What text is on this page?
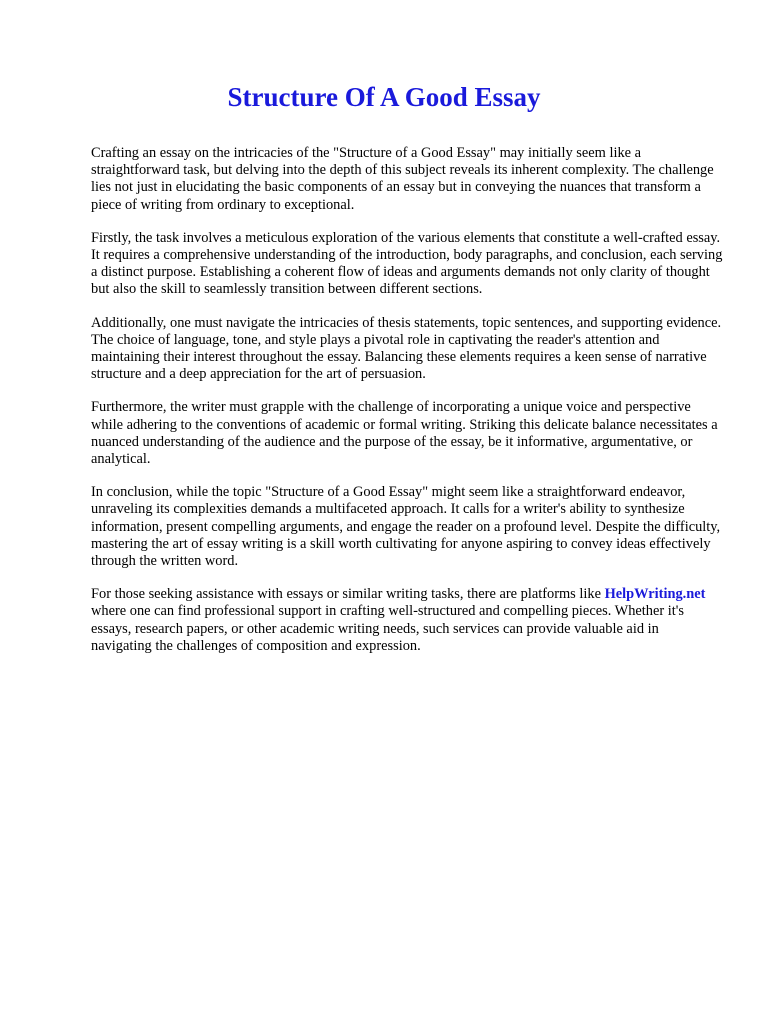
Structure Of A Good Essay

Crafting an essay on the intricacies of the "Structure of a Good Essay" may initially seem like a straightforward task, but delving into the depth of this subject reveals its inherent complexity. The challenge lies not just in elucidating the basic components of an essay but in conveying the nuances that transform a piece of writing from ordinary to exceptional.

Firstly, the task involves a meticulous exploration of the various elements that constitute a well-crafted essay. It requires a comprehensive understanding of the introduction, body paragraphs, and conclusion, each serving a distinct purpose. Establishing a coherent flow of ideas and arguments demands not only clarity of thought but also the skill to seamlessly transition between different sections.

Additionally, one must navigate the intricacies of thesis statements, topic sentences, and supporting evidence. The choice of language, tone, and style plays a pivotal role in captivating the reader's attention and maintaining their interest throughout the essay. Balancing these elements requires a keen sense of narrative structure and a deep appreciation for the art of persuasion.

Furthermore, the writer must grapple with the challenge of incorporating a unique voice and perspective while adhering to the conventions of academic or formal writing. Striking this delicate balance necessitates a nuanced understanding of the audience and the purpose of the essay, be it informative, argumentative, or analytical.

In conclusion, while the topic "Structure of a Good Essay" might seem like a straightforward endeavor, unraveling its complexities demands a multifaceted approach. It calls for a writer's ability to synthesize information, present compelling arguments, and engage the reader on a profound level. Despite the difficulty, mastering the art of essay writing is a skill worth cultivating for anyone aspiring to convey ideas effectively through the written word.

For those seeking assistance with essays or similar writing tasks, there are platforms like HelpWriting.net where one can find professional support in crafting well-structured and compelling pieces. Whether it's essays, research papers, or other academic writing needs, such services can provide valuable aid in navigating the challenges of composition and expression.
